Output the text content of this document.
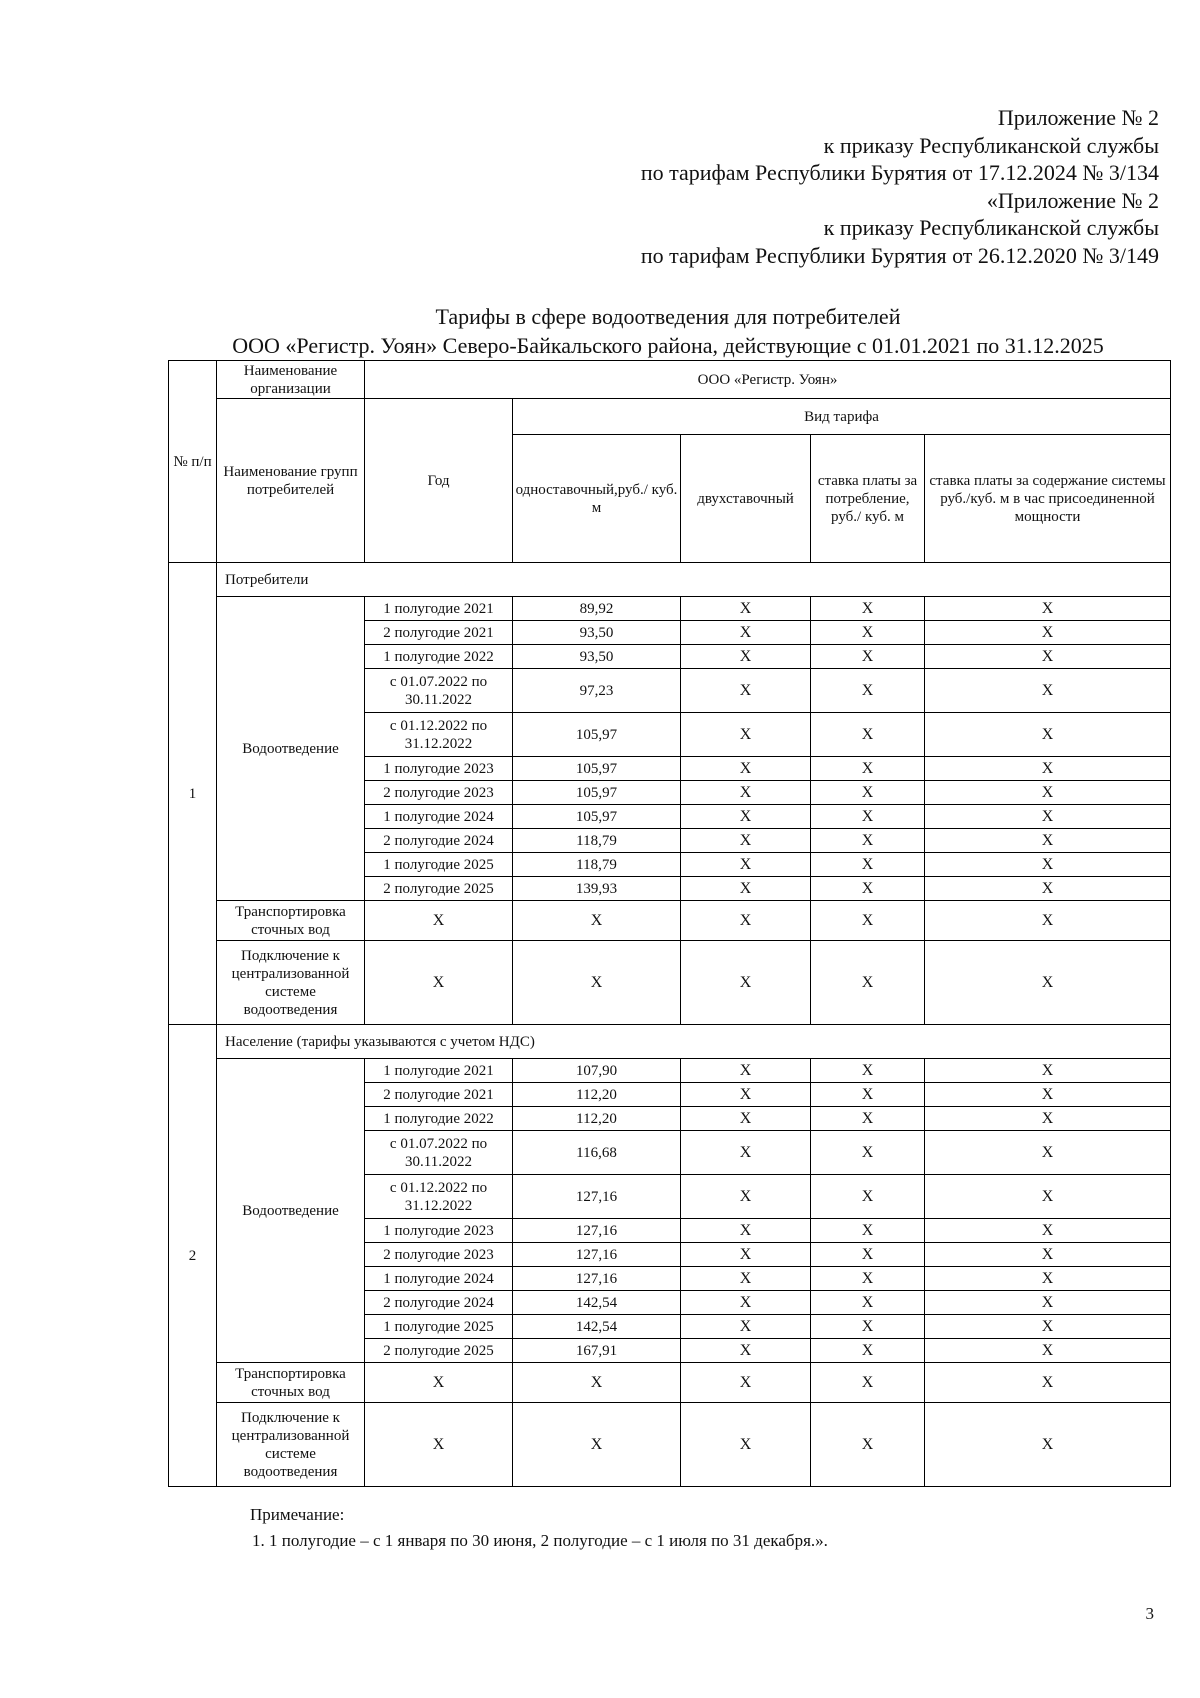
Приложение № 2
к приказу Республиканской службы
по тарифам Республики Бурятия от 17.12.2024 № 3/134
«Приложение № 2
к приказу Республиканской службы
по тарифам Республики Бурятия от 26.12.2020 № 3/149
Тарифы в сфере водоотведения для потребителей
ООО «Регистр. Уоян» Северо-Байкальского района, действующие с 01.01.2021 по 31.12.2025
№ п/п	Наименование организации	ООО «Регистр. Уоян»				
	Наименование групп потребителей	Год	Вид тарифа			
			одноставочный,руб./ куб. м	двухставочный	ставка платы за потребление, руб./ куб. м	ставка платы за содержание системы руб./куб. м в час присоединенной мощности
1	Потребители					
	Водоотведение	1 полугодие 2021	89,92	X	X	X
		2 полугодие 2021	93,50	X	X	X
		1 полугодие 2022	93,50	X	X	X
		с 01.07.2022 по 30.11.2022	97,23	X	X	X
		с 01.12.2022 по 31.12.2022	105,97	X	X	X
		1 полугодие 2023	105,97	X	X	X
		2 полугодие 2023	105,97	X	X	X
		1 полугодие 2024	105,97	X	X	X
		2 полугодие 2024	118,79	X	X	X
		1 полугодие 2025	118,79	X	X	X
		2 полугодие 2025	139,93	X	X	X
	Транспортировка сточных вод	X	X	X	X	X
	Подключение к централизованной системе водоотведения	X	X	X	X	X
2	Население (тарифы указываются с учетом НДС)					
	Водоотведение	1 полугодие 2021	107,90	X	X	X
		2 полугодие 2021	112,20	X	X	X
		1 полугодие 2022	112,20	X	X	X
		с 01.07.2022 по 30.11.2022	116,68	X	X	X
		с 01.12.2022 по 31.12.2022	127,16	X	X	X
		1 полугодие 2023	127,16	X	X	X
		2 полугодие 2023	127,16	X	X	X
		1 полугодие 2024	127,16	X	X	X
		2 полугодие 2024	142,54	X	X	X
		1 полугодие 2025	142,54	X	X	X
		2 полугодие 2025	167,91	X	X	X
	Транспортировка сточных вод	X	X	X	X	X
	Подключение к централизованной системе водоотведения	X	X	X	X	X
Примечание:
1. 1 полугодие – с 1 января по 30 июня, 2 полугодие – с 1 июля по 31 декабря.».
3
